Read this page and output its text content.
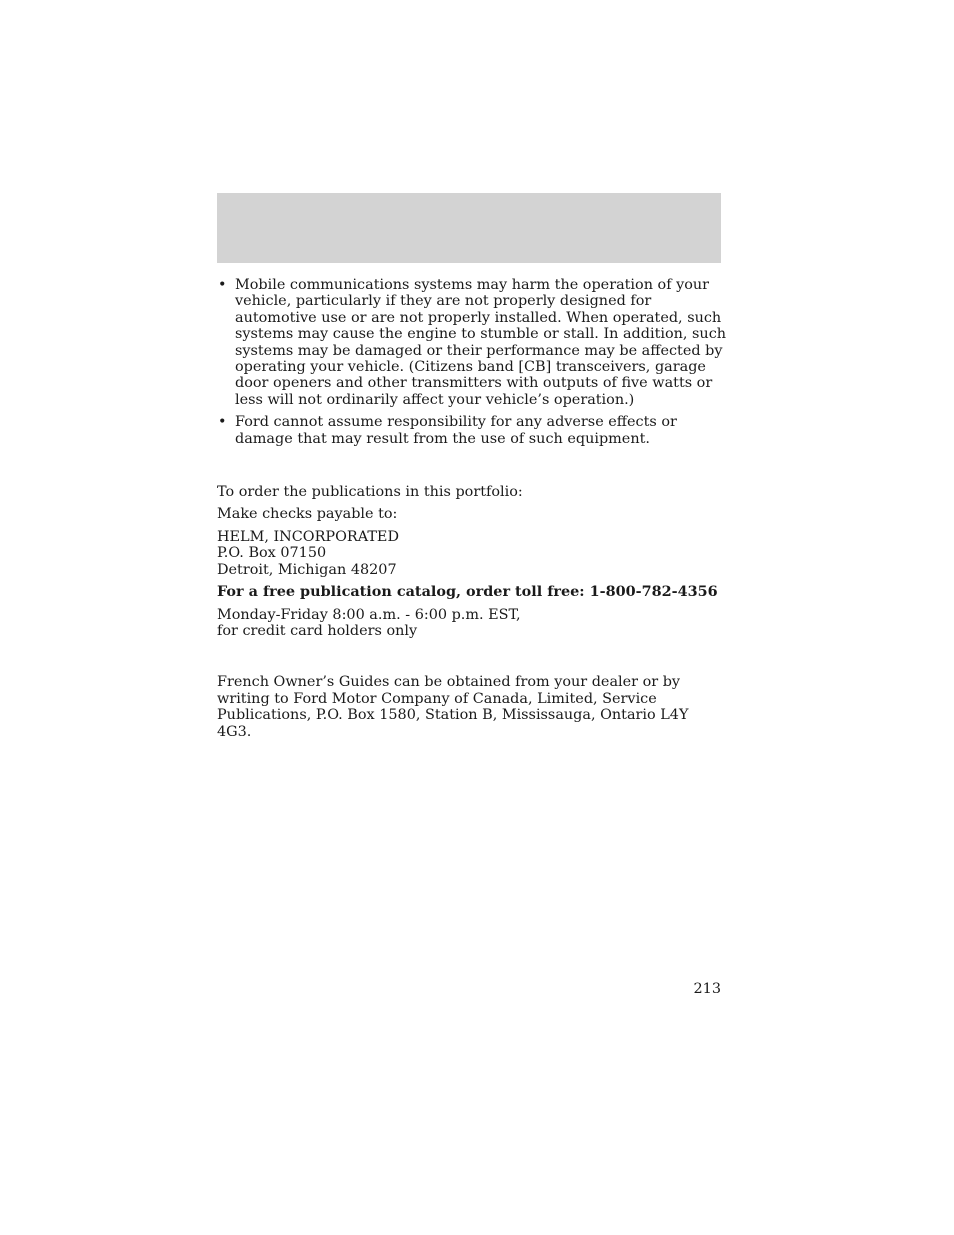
• Mobile communications systems may harm the operation of your vehicle, particularly if they are not properly designed for automotive use or are not properly installed. When operated, such systems may cause the engine to stumble or stall. In addition, such systems may be damaged or their performance may be affected by operating your vehicle. (Citizens band [CB] transceivers, garage door openers and other transmitters with outputs of five watts or less will not ordinarily affect your vehicle’s operation.)
• Ford cannot assume responsibility for any adverse effects or damage that may result from the use of such equipment.

To order the publications in this portfolio:

Make checks payable to:

HELM, INCORPORATED

P.O. Box 07150

Detroit, Michigan 48207

For a free publication catalog, order toll free: 1-800-782-4356

Monday-Friday 8:00 a.m. - 6:00 p.m. EST,

for credit card holders only

French Owner’s Guides can be obtained from your dealer or by writing to Ford Motor Company of Canada, Limited, Service Publications, P.O. Box 1580, Station B, Mississauga, Ontario L4Y 4G3.

213
